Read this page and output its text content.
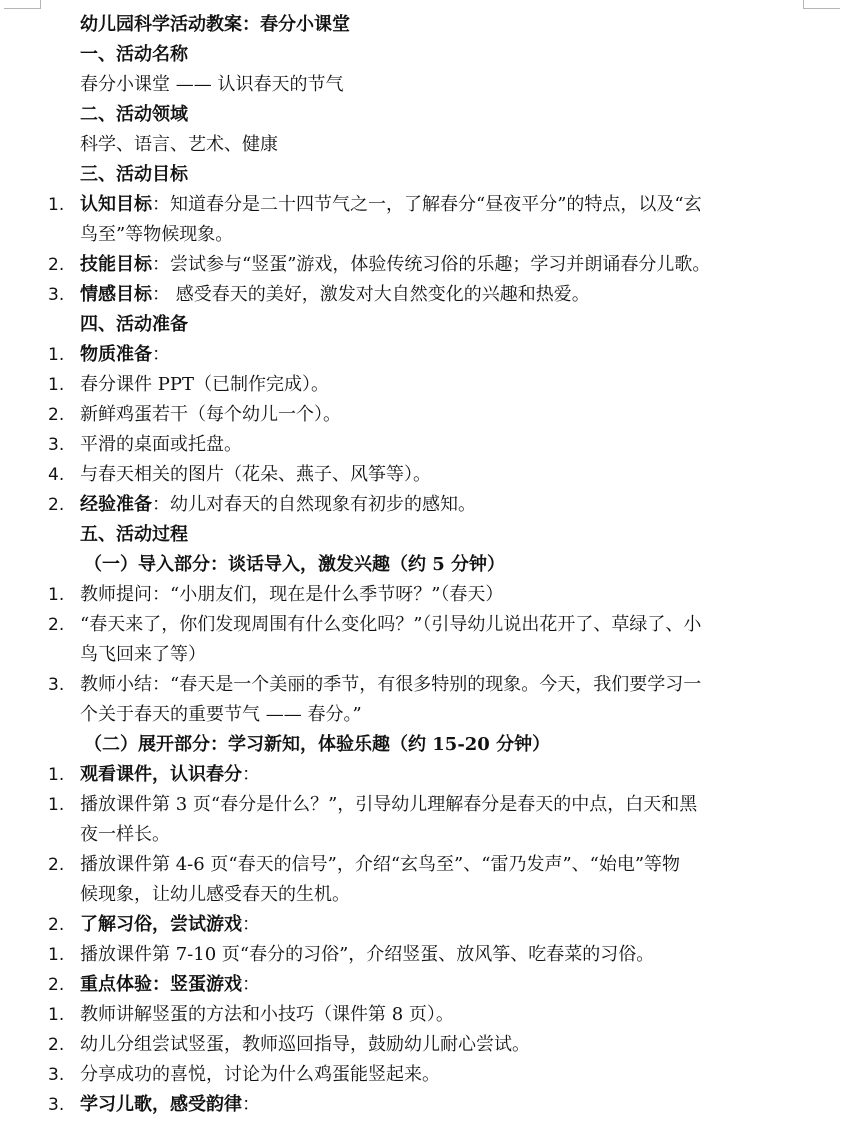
幼儿园科学活动教案：春分小课堂
一、活动名称
春分小课堂 —— 认识春天的节气
二、活动领域
科学、语言、艺术、健康
三、活动目标
1. 认知目标：知道春分是二十四节气之一，了解春分“昼夜平分”的特点，以及“玄
鸟至”等物候现象。
2. 技能目标：尝试参与“竖蛋”游戏，体验传统习俗的乐趣；学习并朗诵春分儿歌。
3. 情感目标： 感受春天的美好，激发对大自然变化的兴趣和热爱。
四、活动准备
1. 物质准备：
1. 春分课件 PPT（已制作完成）。
2. 新鲜鸡蛋若干（每个幼儿一个）。
3. 平滑的桌面或托盘。
4. 与春天相关的图片（花朵、燕子、风筝等）。
2. 经验准备：幼儿对春天的自然现象有初步的感知。
五、活动过程
（一）导入部分：谈话导入，激发兴趣（约 5 分钟）
1. 教师提问：“小朋友们，现在是什么季节呀？”（春天）
2. “春天来了，你们发现周围有什么变化吗？”（引导幼儿说出花开了、草绿了、小
鸟飞回来了等）
3. 教师小结：“春天是一个美丽的季节，有很多特别的现象。今天，我们要学习一
个关于春天的重要节气 —— 春分。”
（二）展开部分：学习新知，体验乐趣（约 15-20 分钟）
1. 观看课件，认识春分：
1. 播放课件第 3 页“春分是什么？”，引导幼儿理解春分是春天的中点，白天和黑
夜一样长。
2. 播放课件第 4-6 页“春天的信号”，介绍“玄鸟至”、“雷乃发声”、“始电”等物
候现象，让幼儿感受春天的生机。
2. 了解习俗，尝试游戏：
1. 播放课件第 7-10 页“春分的习俗”，介绍竖蛋、放风筝、吃春菜的习俗。
2. 重点体验：竖蛋游戏：
1. 教师讲解竖蛋的方法和小技巧（课件第 8 页）。
2. 幼儿分组尝试竖蛋，教师巡回指导，鼓励幼儿耐心尝试。
3. 分享成功的喜悦，讨论为什么鸡蛋能竖起来。
3. 学习儿歌，感受韵律：
